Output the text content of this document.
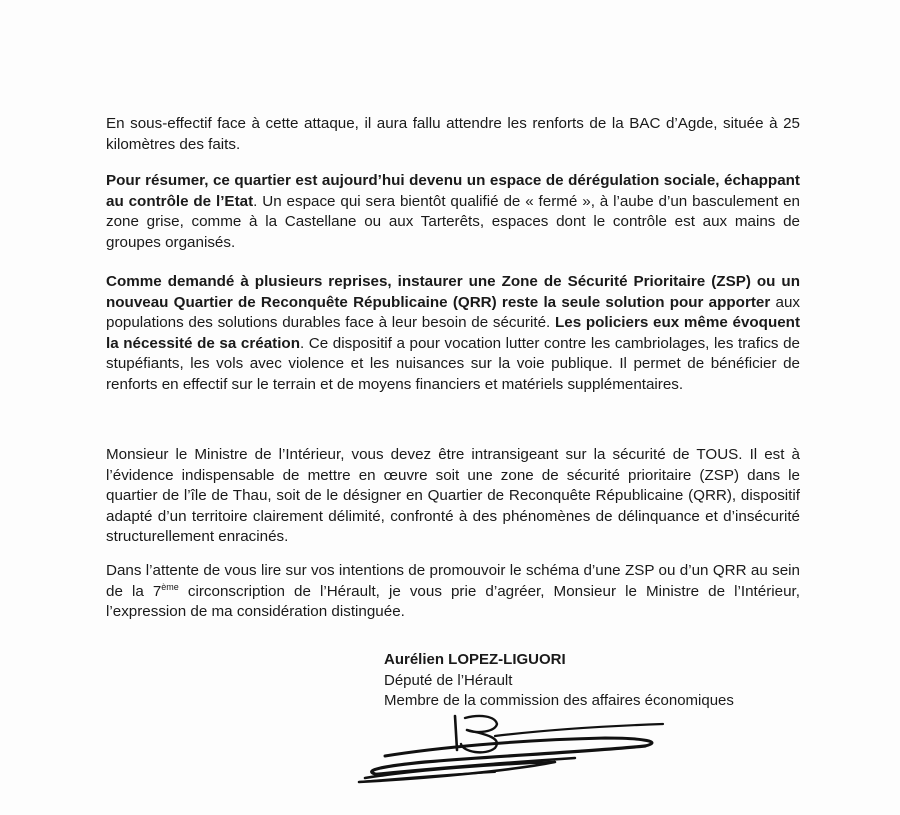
En sous-effectif face à cette attaque, il aura fallu attendre les renforts de la BAC d’Agde, située à 25 kilomètres des faits.

Pour résumer, ce quartier est aujourd’hui devenu un espace de dérégulation sociale, échappant au contrôle de l’Etat. Un espace qui sera bientôt qualifié de « fermé », à l’aube d’un basculement en zone grise, comme à la Castellane ou aux Tarterêts, espaces dont le contrôle est aux mains de groupes organisés.

Comme demandé à plusieurs reprises, instaurer une Zone de Sécurité Prioritaire (ZSP) ou un nouveau Quartier de Reconquête Républicaine (QRR) reste la seule solution pour apporter aux populations des solutions durables face à leur besoin de sécurité. Les policiers eux même évoquent la nécessité de sa création. Ce dispositif a pour vocation lutter contre les cambriolages, les trafics de stupéfiants, les vols avec violence et les nuisances sur la voie publique. Il permet de bénéficier de renforts en effectif sur le terrain et de moyens financiers et matériels supplémentaires.

Monsieur le Ministre de l’Intérieur, vous devez être intransigeant sur la sécurité de TOUS. Il est à l’évidence indispensable de mettre en œuvre soit une zone de sécurité prioritaire (ZSP) dans le quartier de l’île de Thau, soit de le désigner en Quartier de Reconquête Républicaine (QRR), dispositif adapté d’un territoire clairement délimité, confronté à des phénomènes de délinquance et d’insécurité structurellement enracinés.

Dans l’attente de vous lire sur vos intentions de promouvoir le schéma d’une ZSP ou d’un QRR au sein de la 7ème circonscription de l’Hérault, je vous prie d’agréer, Monsieur le Ministre de l’Intérieur, l’expression de ma considération distinguée.

Aurélien LOPEZ-LIGUORI
Député de l’Hérault
Membre de la commission des affaires économiques
